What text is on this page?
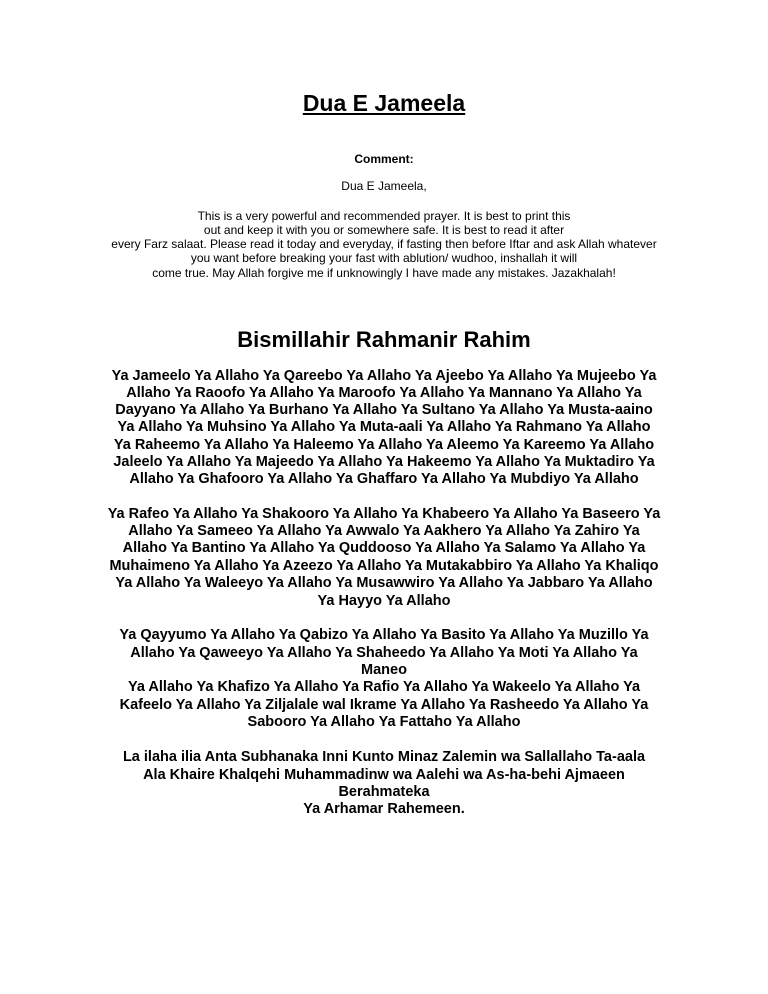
Dua E Jameela
Comment:
Dua E Jameela,
This is a very powerful and recommended prayer. It is best to print this
out and keep it with you or somewhere safe. It is best to read it after
every Farz salaat. Please read it today and everyday, if fasting then before Iftar and ask Allah whatever
you want before breaking your fast with ablution/ wudhoo, inshallah it will
come true. May Allah forgive me if unknowingly I have made any mistakes. Jazakhalah!
Bismillahir Rahmanir Rahim
Ya Jameelo Ya Allaho Ya Qareebo Ya Allaho Ya Ajeebo Ya Allaho Ya Mujeebo Ya
Allaho Ya Raoofo Ya Allaho Ya Maroofo Ya Allaho Ya Mannano Ya Allaho Ya
Dayyano Ya Allaho Ya Burhano Ya Allaho Ya Sultano Ya Allaho Ya Musta-aaino
Ya Allaho Ya Muhsino Ya Allaho Ya Muta-aali Ya Allaho Ya Rahmano Ya Allaho
Ya Raheemo Ya Allaho Ya Haleemo Ya Allaho Ya Aleemo Ya Kareemo Ya Allaho
Jaleelo Ya Allaho Ya Majeedo Ya Allaho Ya Hakeemo Ya Allaho Ya Muktadiro Ya
Allaho Ya Ghafooro Ya Allaho Ya Ghaffaro Ya Allaho Ya Mubdiyo Ya Allaho
Ya Rafeo Ya Allaho Ya Shakooro Ya Allaho Ya Khabeero Ya Allaho Ya Baseero Ya
Allaho Ya Sameeo Ya Allaho Ya Awwalo Ya Aakhero Ya Allaho Ya Zahiro Ya
Allaho Ya Bantino Ya Allaho Ya Quddooso Ya Allaho Ya Salamo Ya Allaho Ya
Muhaimeno Ya Allaho Ya Azeezo Ya Allaho Ya Mutakabbiro Ya Allaho Ya Khaliqo
Ya Allaho Ya Waleeyo Ya Allaho Ya Musawwiro Ya Allaho Ya Jabbaro Ya Allaho
Ya Hayyo Ya Allaho
Ya Qayyumo Ya Allaho Ya Qabizo Ya Allaho Ya Basito Ya Allaho Ya Muzillo Ya
Allaho Ya Qaweeyo Ya Allaho Ya Shaheedo Ya Allaho Ya Moti Ya Allaho Ya
Maneo
Ya Allaho Ya Khafizo Ya Allaho Ya Rafio Ya Allaho Ya Wakeelo Ya Allaho Ya
Kafeelo Ya Allaho Ya Ziljalale wal Ikrame Ya Allaho Ya Rasheedo Ya Allaho Ya
Sabooro Ya Allaho Ya Fattaho Ya Allaho
La ilaha ilia Anta Subhanaka Inni Kunto Minaz Zalemin wa Sallallaho Ta-aala
Ala Khaire Khalqehi Muhammadinw wa Aalehi wa As-ha-behi Ajmaeen
Berahmateka
Ya Arhamar Rahemeen.
